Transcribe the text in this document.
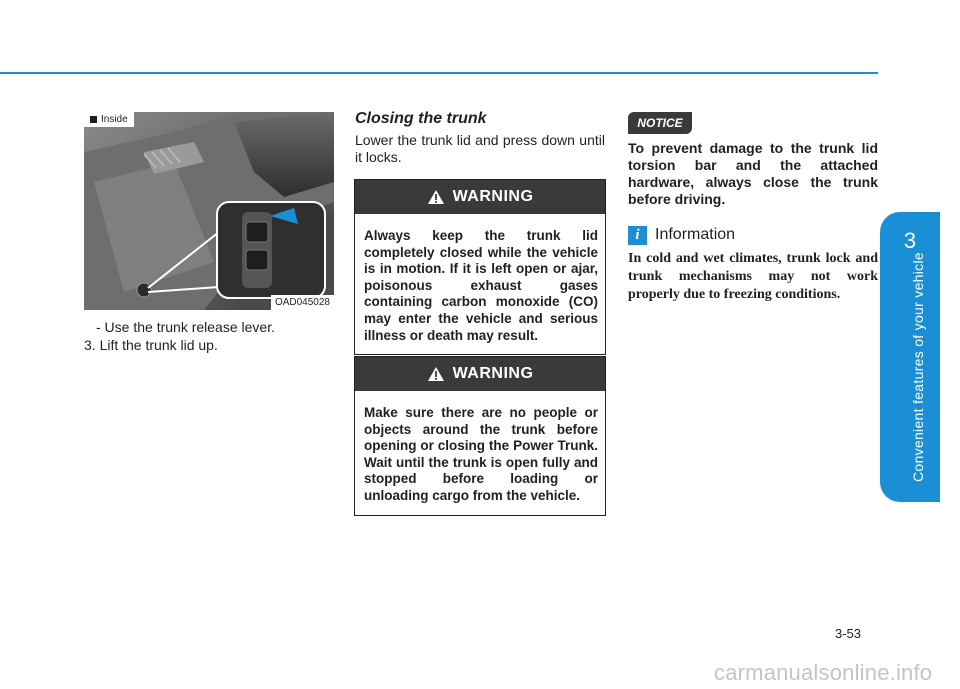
3
Convenient features of your vehicle
Inside
OAD045028
- Use the trunk release lever.
3. Lift the trunk lid up.
Closing the trunk
Lower the trunk lid and press down until it locks.
WARNING
Always keep the trunk lid completely closed while the vehicle is in motion. If it is left open or ajar, poisonous exhaust gases containing carbon monoxide (CO) may enter the vehicle and serious illness or death may result.
WARNING
Make sure there are no people or objects around the trunk before opening or closing the Power Trunk. Wait until the trunk is open fully and stopped before loading or unloading cargo from the vehicle.
NOTICE
To prevent damage to the trunk lid torsion bar and the attached hardware, always close the trunk before driving.
i Information
In cold and wet climates, trunk lock and trunk mechanisms may not work properly due to freezing conditions.
3-53
carmanualsonline.info
